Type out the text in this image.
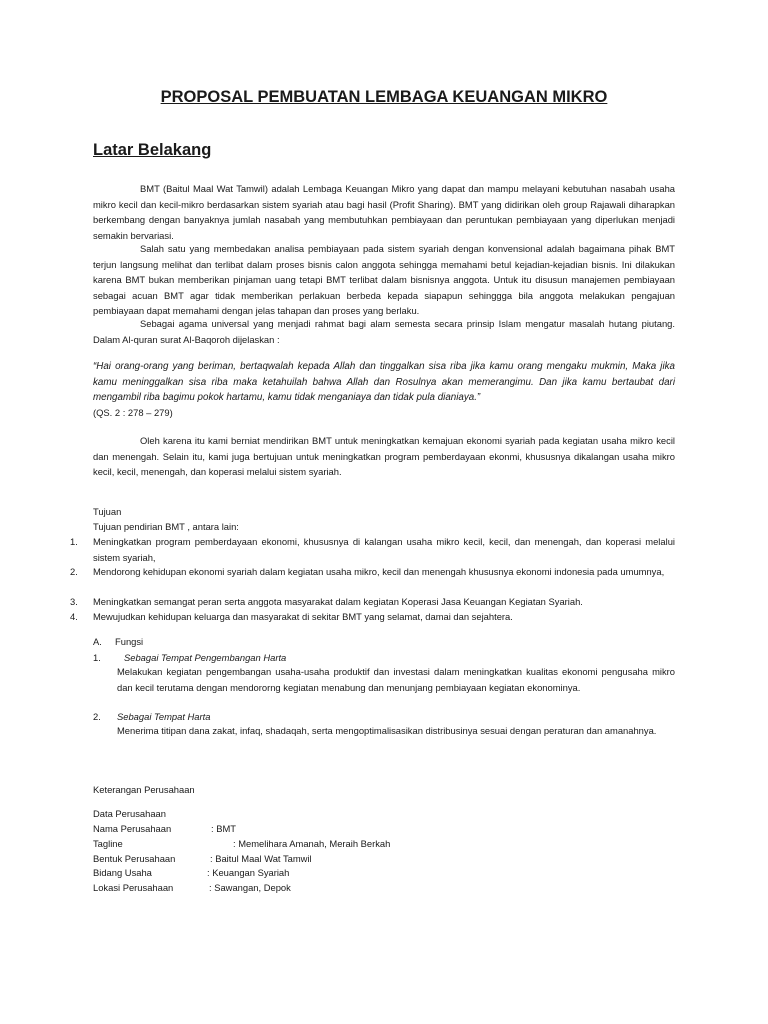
PROPOSAL PEMBUATAN LEMBAGA KEUANGAN MIKRO
Latar Belakang

BMT (Baitul Maal Wat Tamwil) adalah Lembaga Keuangan Mikro yang dapat dan mampu melayani kebutuhan nasabah usaha mikro kecil dan kecil-mikro berdasarkan sistem syariah atau bagi hasil (Profit Sharing). BMT yang didirikan oleh group Rajawali diharapkan berkembang dengan banyaknya jumlah nasabah yang membutuhkan pembiayaan dan peruntukan pembiayaan yang diperlukan menjadi semakin bervariasi.

Salah satu yang membedakan analisa pembiayaan pada sistem syariah dengan konvensional adalah bagaimana pihak BMT terjun langsung melihat dan terlibat dalam proses bisnis calon anggota sehingga memahami betul kejadian-kejadian bisnis. Ini dilakukan karena BMT bukan memberikan pinjaman uang tetapi BMT terlibat dalam bisnisnya anggota. Untuk itu disusun manajemen pembiayaan sebagai acuan BMT agar tidak memberikan perlakuan berbeda kepada siapapun sehinggga bila anggota melakukan pengajuan pembiayaan dapat memahami dengan jelas tahapan dan proses yang berlaku.

Sebagai agama universal yang menjadi rahmat bagi alam semesta secara prinsip Islam mengatur masalah hutang piutang. Dalam Al-quran surat Al-Baqoroh dijelaskan :

“Hai orang-orang yang beriman, bertaqwalah kepada Allah dan tinggalkan sisa riba jika kamu orang mengaku mukmin, Maka jika kamu meninggalkan sisa riba maka ketahuilah bahwa Allah dan Rosulnya akan memerangimu. Dan jika kamu bertaubat dari mengambil riba bagimu pokok hartamu, kamu tidak menganiaya dan tidak pula dianiaya.”

(QS. 2 : 278 – 279)

Oleh karena itu kami berniat mendirikan BMT untuk meningkatkan kemajuan ekonomi syariah pada kegiatan usaha mikro kecil dan menengah. Selain itu, kami juga bertujuan untuk meningkatkan program pemberdayaan ekonmi, khususnya dikalangan usaha mikro kecil, kecil, menengah, dan koperasi melalui sistem syariah.

Tujuan

Tujuan pendirian BMT , antara lain:

1. Meningkatkan program pemberdayaan ekonomi, khususnya di kalangan usaha mikro kecil, kecil, dan menengah, dan koperasi melalui sistem syariah,
2. Mendorong kehidupan ekonomi syariah dalam kegiatan usaha mikro, kecil dan menengah khususnya ekonomi indonesia pada umumnya,
3. Meningkatkan semangat peran serta anggota masyarakat dalam kegiatan Koperasi Jasa Keuangan Kegiatan Syariah.
4. Mewujudkan kehidupan keluarga dan masyarakat di sekitar BMT yang selamat, damai dan sejahtera.
A. Fungsi
1. Sebagai Tempat Pengembangan Harta

Melakukan kegiatan pengembangan usaha-usaha produktif dan investasi dalam meningkatkan kualitas ekonomi pengusaha mikro dan kecil terutama dengan mendororng kegiatan menabung dan menunjang pembiayaan kegiatan ekonominya.

2. Sebagai Tempat Harta

Menerima titipan dana zakat, infaq, shadaqah, serta mengoptimalisasikan distribusinya sesuai dengan peraturan dan amanahnya.

Keterangan Perusahaan

Data Perusahaan

Nama Perusahaan	: BMT
Tagline	: Memelihara Amanah, Meraih Berkah
Bentuk Perusahaan	: Baitul Maal Wat Tamwil
Bidang Usaha	: Keuangan Syariah
Lokasi Perusahaan	: Sawangan, Depok
